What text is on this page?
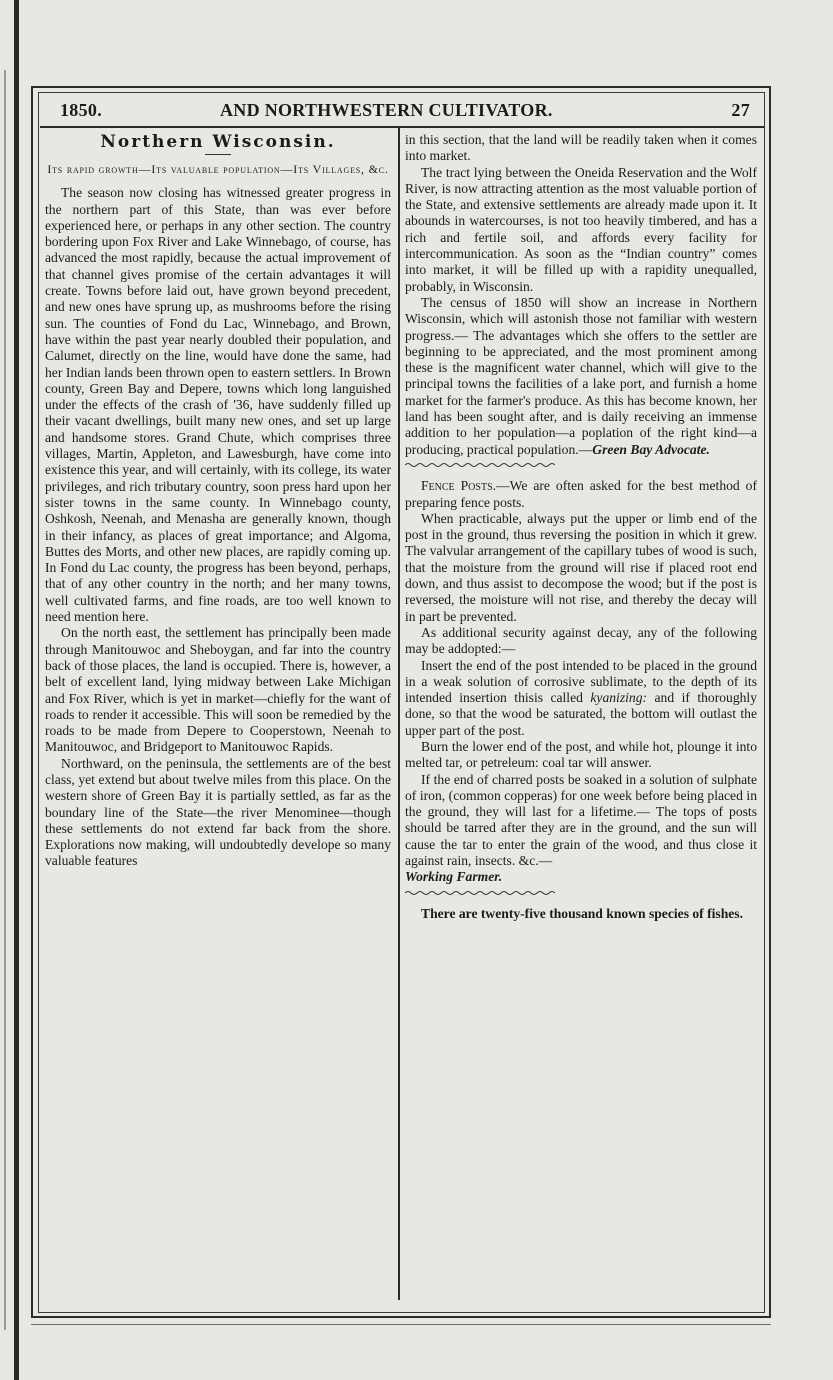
1850.	AND NORTHWESTERN CULTIVATOR.	27
Northern Wisconsin.
Its rapid growth—Its valuable population—Its Villages, &c.

The season now closing has witnessed greater progress in the northern part of this State, than was ever before experienced here, or perhaps in any other section. The country bordering upon Fox River and Lake Winnebago, of course, has advanced the most rapidly, because the actual improvement of that channel gives promise of the certain advantages it will create. Towns before laid out, have grown beyond precedent, and new ones have sprung up, as mushrooms before the rising sun. The counties of Fond du Lac, Winnebago, and Brown, have within the past year nearly doubled their population, and Calumet, directly on the line, would have done the same, had her Indian lands been thrown open to eastern settlers. In Brown county, Green Bay and Depere, towns which long languished under the effects of the crash of '36, have suddenly filled up their vacant dwellings, built many new ones, and set up large and handsome stores. Grand Chute, which comprises three villages, Martin, Appleton, and Lawesburgh, have come into existence this year, and will certainly, with its college, its water privileges, and rich tributary country, soon press hard upon her sister towns in the same county. In Winnebago county, Oshkosh, Neenah, and Menasha are generally known, though in their infancy, as places of great importance; and Algoma, Buttes des Morts, and other new places, are rapidly coming up. In Fond du Lac county, the progress has been beyond, perhaps, that of any other country in the north; and her many towns, well cultivated farms, and fine roads, are too well known to need mention here.

On the north east, the settlement has principally been made through Manitouwoc and Sheboygan, and far into the country back of those places, the land is occupied. There is, however, a belt of excellent land, lying midway between Lake Michigan and Fox River, which is yet in market—chiefly for the want of roads to render it accessible. This will soon be remedied by the roads to be made from Depere to Cooperstown, Neenah to Manitouwoc, and Bridgeport to Manitouwoc Rapids.

Northward, on the peninsula, the settlements are of the best class, yet extend but about twelve miles from this place. On the western shore of Green Bay it is partially settled, as far as the boundary line of the State—the river Menominee—though these settlements do not extend far back from the shore. Explorations now making, will undoubtedly develope so many valuable features

in this section, that the land will be readily taken when it comes into market.

The tract lying between the Oneida Reservation and the Wolf River, is now attracting attention as the most valuable portion of the State, and extensive settlements are already made upon it. It abounds in watercourses, is not too heavily timbered, and has a rich and fertile soil, and affords every facility for intercommunication. As soon as the “Indian country” comes into market, it will be filled up with a rapidity unequalled, probably, in Wisconsin.

The census of 1850 will show an increase in Northern Wisconsin, which will astonish those not familiar with western progress.— The advantages which she offers to the settler are beginning to be appreciated, and the most prominent among these is the magnificent water channel, which will give to the principal towns the facilities of a lake port, and furnish a home market for the farmer's produce. As this has become known, her land has been sought after, and is daily receiving an immense addition to her population—a poplation of the right kind—a producing, practical population.—Green Bay Advocate.

Fence Posts.—We are often asked for the best method of preparing fence posts.

When practicable, always put the upper or limb end of the post in the ground, thus reversing the position in which it grew. The valvular arrangement of the capillary tubes of wood is such, that the moisture from the ground will rise if placed root end down, and thus assist to decompose the wood; but if the post is reversed, the moisture will not rise, and thereby the decay will in part be prevented.

As additional security against decay, any of the following may be addopted:—

Insert the end of the post intended to be placed in the ground in a weak solution of corrosive sublimate, to the depth of its intended insertion thisis called kyanizing: and if thoroughly done, so that the wood be saturated, the bottom will outlast the upper part of the post.

Burn the lower end of the post, and while hot, plounge it into melted tar, or petreleum: coal tar will answer.

If the end of charred posts be soaked in a solution of sulphate of iron, (common copperas) for one week before being placed in the ground, they will last for a lifetime.— The tops of posts should be tarred after they are in the ground, and the sun will cause the tar to enter the grain of the wood, and thus close it against rain, insects. &c.—
Working Farmer.

There are twenty-five thousand known species of fishes.
